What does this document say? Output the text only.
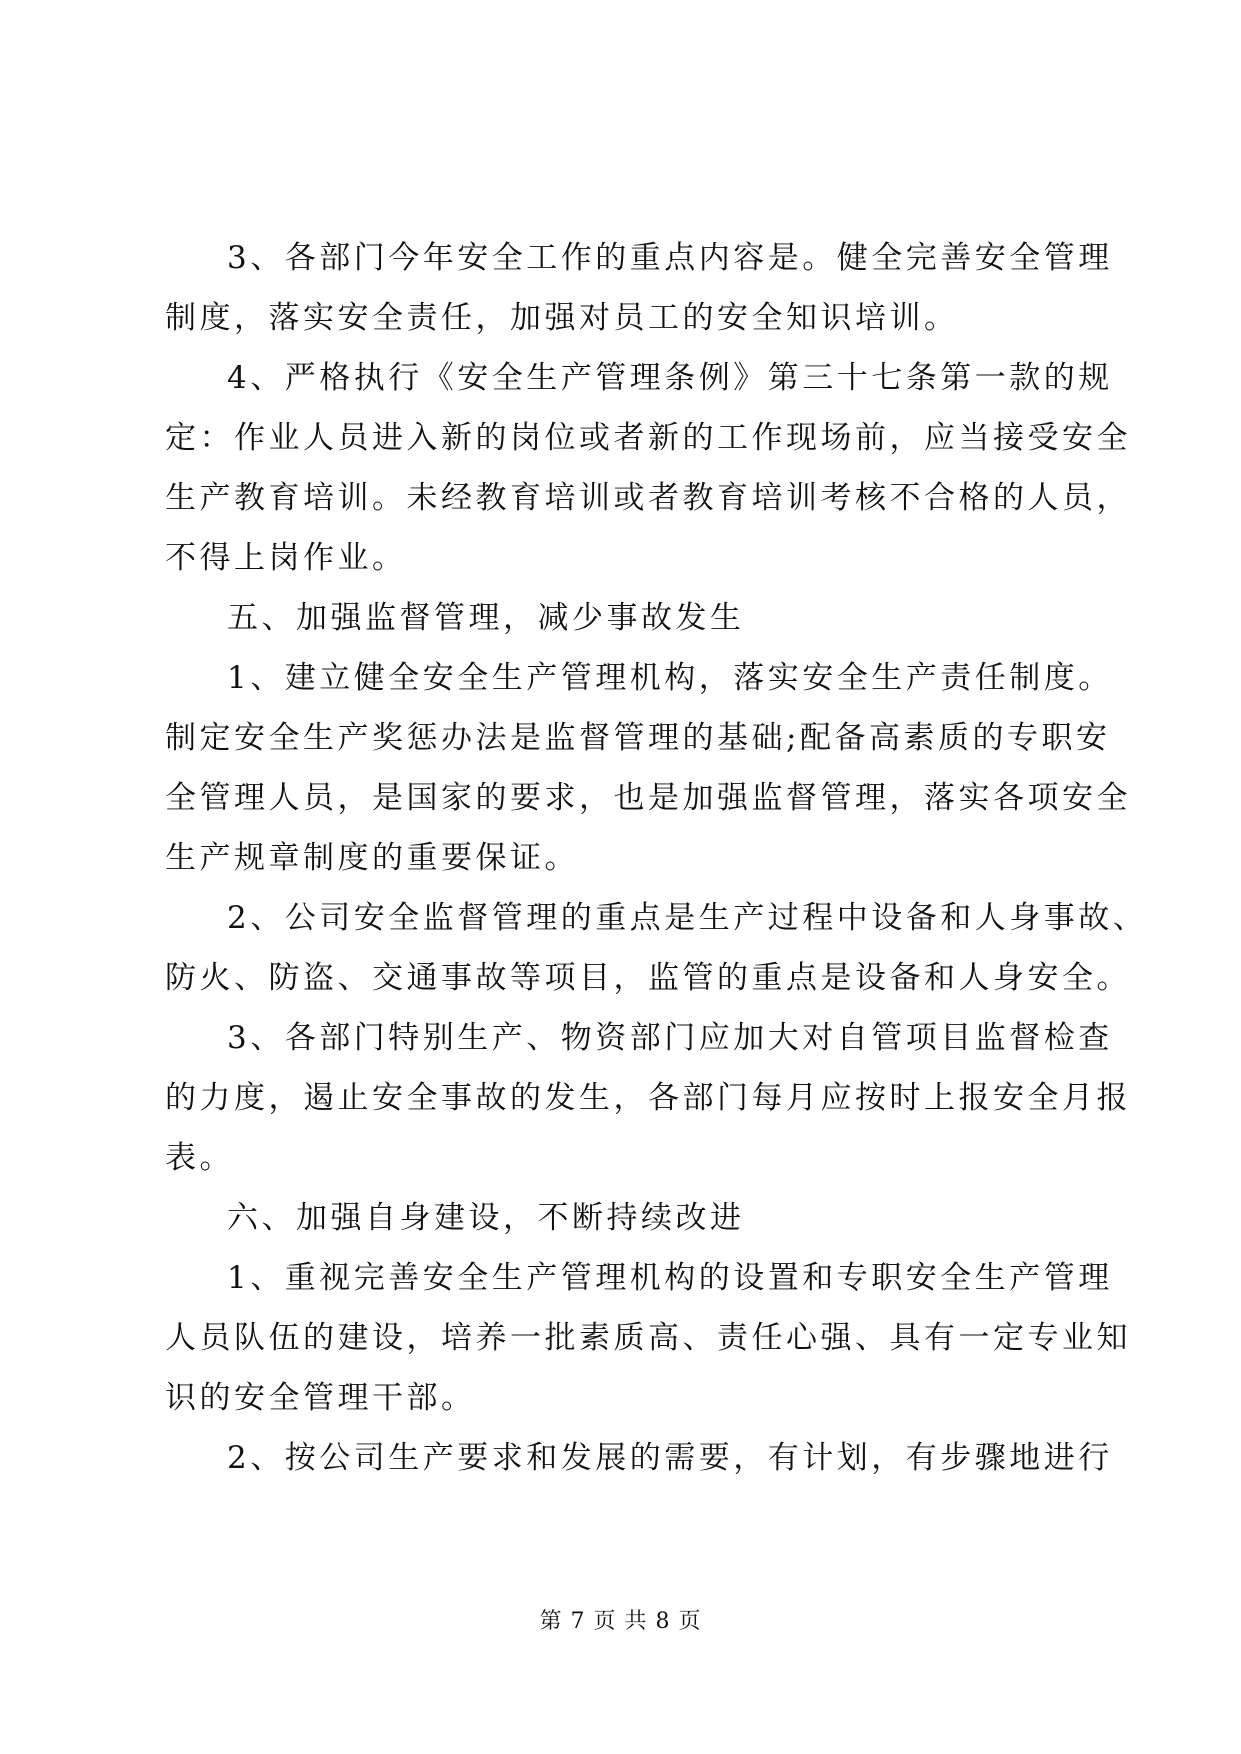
3、各部门今年安全工作的重点内容是。健全完善安全管理
制度，落实安全责任，加强对员工的安全知识培训。
4、严格执行《安全生产管理条例》第三十七条第一款的规
定：作业人员进入新的岗位或者新的工作现场前，应当接受安全
生产教育培训。未经教育培训或者教育培训考核不合格的人员，
不得上岗作业。
五、加强监督管理，减少事故发生
1、建立健全安全生产管理机构，落实安全生产责任制度。
制定安全生产奖惩办法是监督管理的基础;配备高素质的专职安
全管理人员，是国家的要求，也是加强监督管理，落实各项安全
生产规章制度的重要保证。
2、公司安全监督管理的重点是生产过程中设备和人身事故、
防火、防盗、交通事故等项目，监管的重点是设备和人身安全。
3、各部门特别生产、物资部门应加大对自管项目监督检查
的力度，遏止安全事故的发生，各部门每月应按时上报安全月报
表。
六、加强自身建设，不断持续改进
1、重视完善安全生产管理机构的设置和专职安全生产管理
人员队伍的建设，培养一批素质高、责任心强、具有一定专业知
识的安全管理干部。
2、按公司生产要求和发展的需要，有计划，有步骤地进行
第 7 页 共 8 页
